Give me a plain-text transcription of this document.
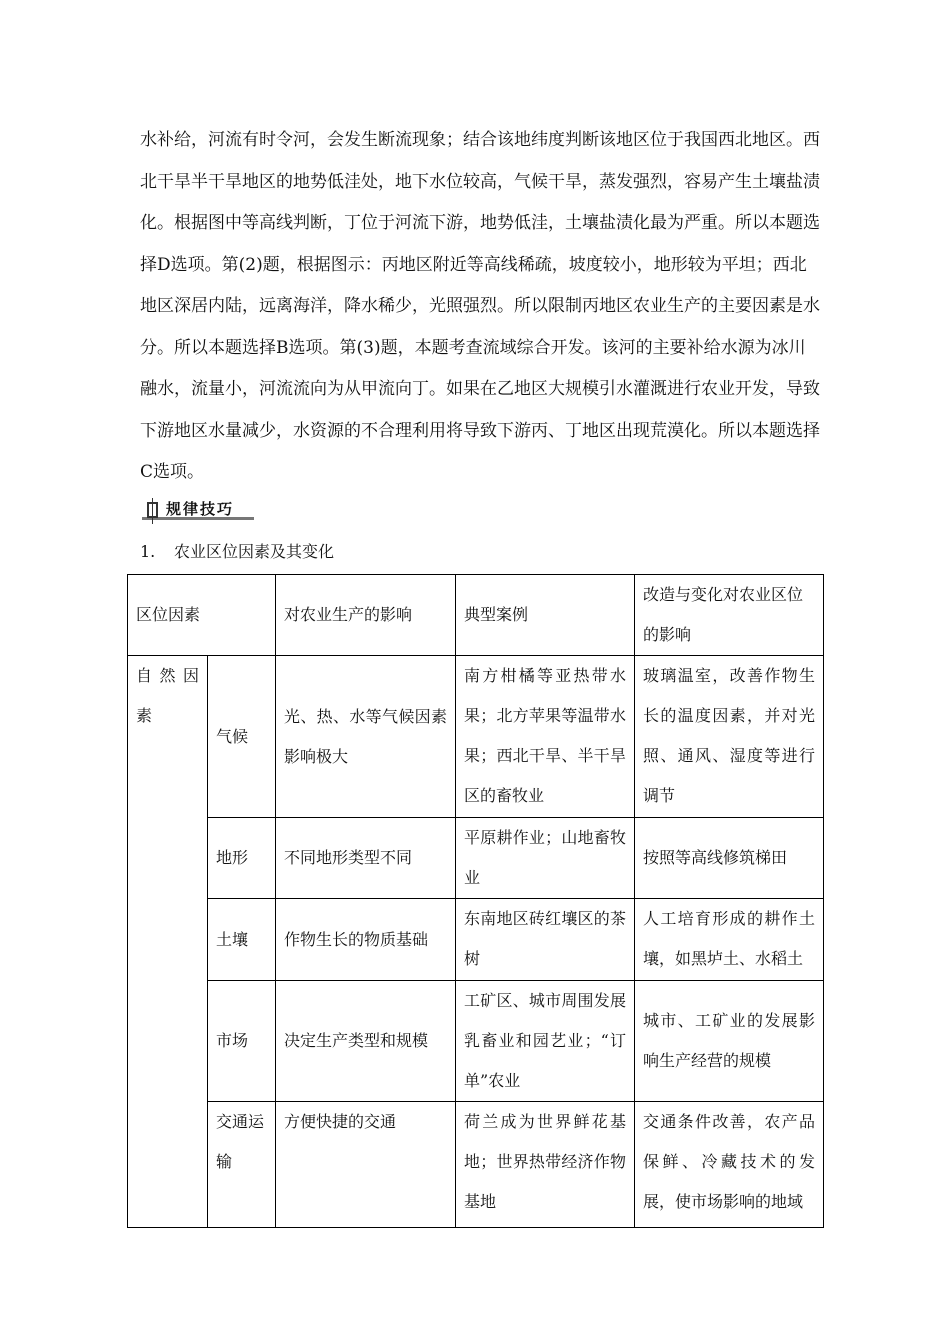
水补给，河流有时令河，会发生断流现象；结合该地纬度判断该地区位于我国西北地区。西
北干旱半干旱地区的地势低洼处，地下水位较高，气候干旱，蒸发强烈，容易产生土壤盐渍
化。根据图中等高线判断，丁位于河流下游，地势低洼，土壤盐渍化最为严重。所以本题选
择D选项。第(2)题，根据图示：丙地区附近等高线稀疏，坡度较小，地形较为平坦；西北
地区深居内陆，远离海洋，降水稀少，光照强烈。所以限制丙地区农业生产的主要因素是水
分。所以本题选择B选项。第(3)题，本题考查流域综合开发。该河的主要补给水源为冰川
融水，流量小，河流流向为从甲流向丁。如果在乙地区大规模引水灌溉进行农业开发，导致
下游地区水量减少，水资源的不合理利用将导致下游丙、丁地区出现荒漠化。所以本题选择
C选项。
规律技巧
1. 农业区位因素及其变化
区位因素		对农业生产的影响	典型案例	改造与变化对农业区位的影响

自然因素	气候	光、热、水等气候因素影响极大	南方柑橘等亚热带水果；北方苹果等温带水果；西北干旱、半干旱区的畜牧业	玻璃温室，改善作物生长的温度因素，并对光照、通风、湿度等进行调节
	地形	不同地形类型不同	平原耕作业；山地畜牧业	按照等高线修筑梯田
	土壤	作物生长的物质基础	东南地区砖红壤区的茶树	人工培育形成的耕作土壤，如黑垆土、水稻土
	市场	决定生产类型和规模	工矿区、城市周围发展乳畜业和园艺业；“订单”农业	城市、工矿业的发展影响生产经营的规模
	交通运输	方便快捷的交通	荷兰成为世界鲜花基地；世界热带经济作物基地	交通条件改善，农产品保鲜、冷藏技术的发展，使市场影响的地域
